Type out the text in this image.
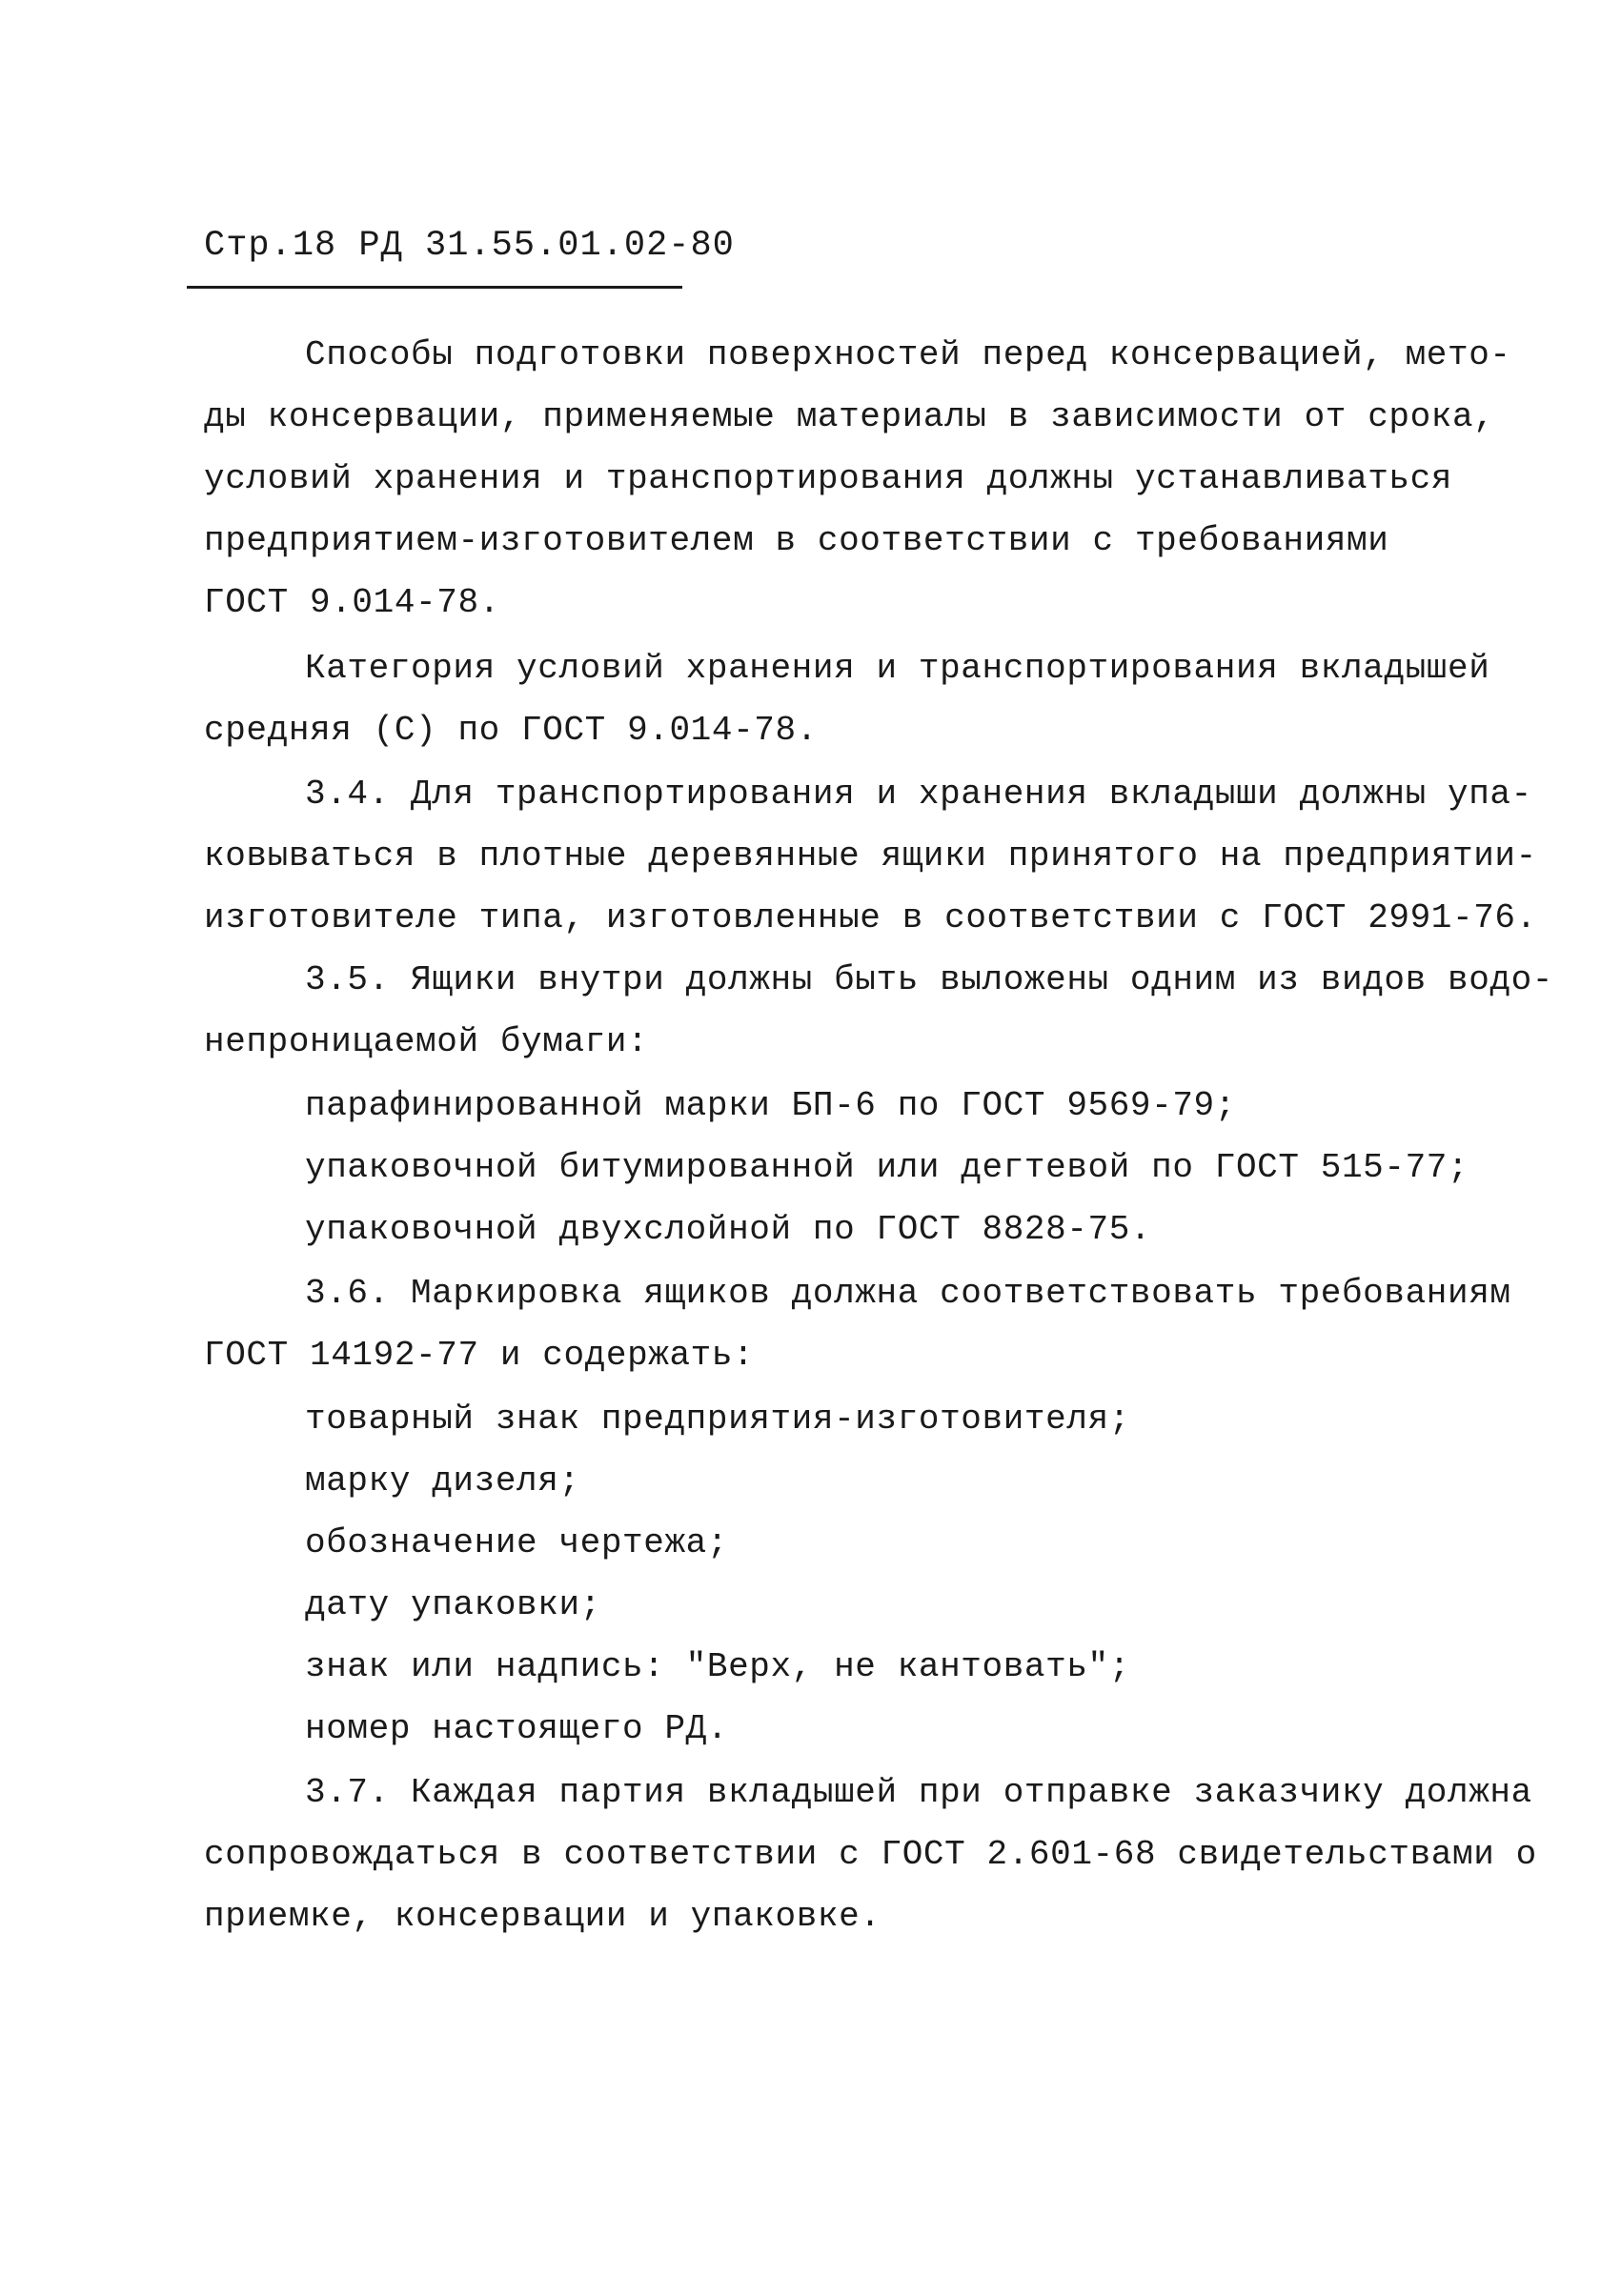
Стр.18 РД 31.55.01.02-80
Способы подготовки поверхностей перед консервацией, мето-
ды консервации, применяемые материалы в зависимости от срока,
условий хранения и транспортирования должны устанавливаться
предприятием-изготовителем в соответствии с требованиями
ГОСТ 9.014-78.
Категория условий хранения и транспортирования вкладышей
средняя (С) по ГОСТ 9.014-78.
3.4. Для транспортирования и хранения вкладыши должны упа-
ковываться в плотные деревянные ящики принятого на предприятии-
изготовителе типа, изготовленные в соответствии с ГОСТ 2991-76.
3.5. Ящики внутри должны быть выложены одним из видов водо-
непроницаемой бумаги:
парафинированной марки БП-6 по ГОСТ 9569-79;
упаковочной битумированной или дегтевой по ГОСТ 515-77;
упаковочной двухслойной по ГОСТ 8828-75.
3.6. Маркировка ящиков должна соответствовать требованиям
ГОСТ 14192-77 и содержать:
товарный знак предприятия-изготовителя;
марку дизеля;
обозначение чертежа;
дату упаковки;
знак или надпись: "Верх, не кантовать";
номер настоящего РД.
3.7. Каждая партия вкладышей при отправке заказчику должна
сопровождаться в соответствии с ГОСТ 2.601-68 свидетельствами о
приемке, консервации и упаковке.
